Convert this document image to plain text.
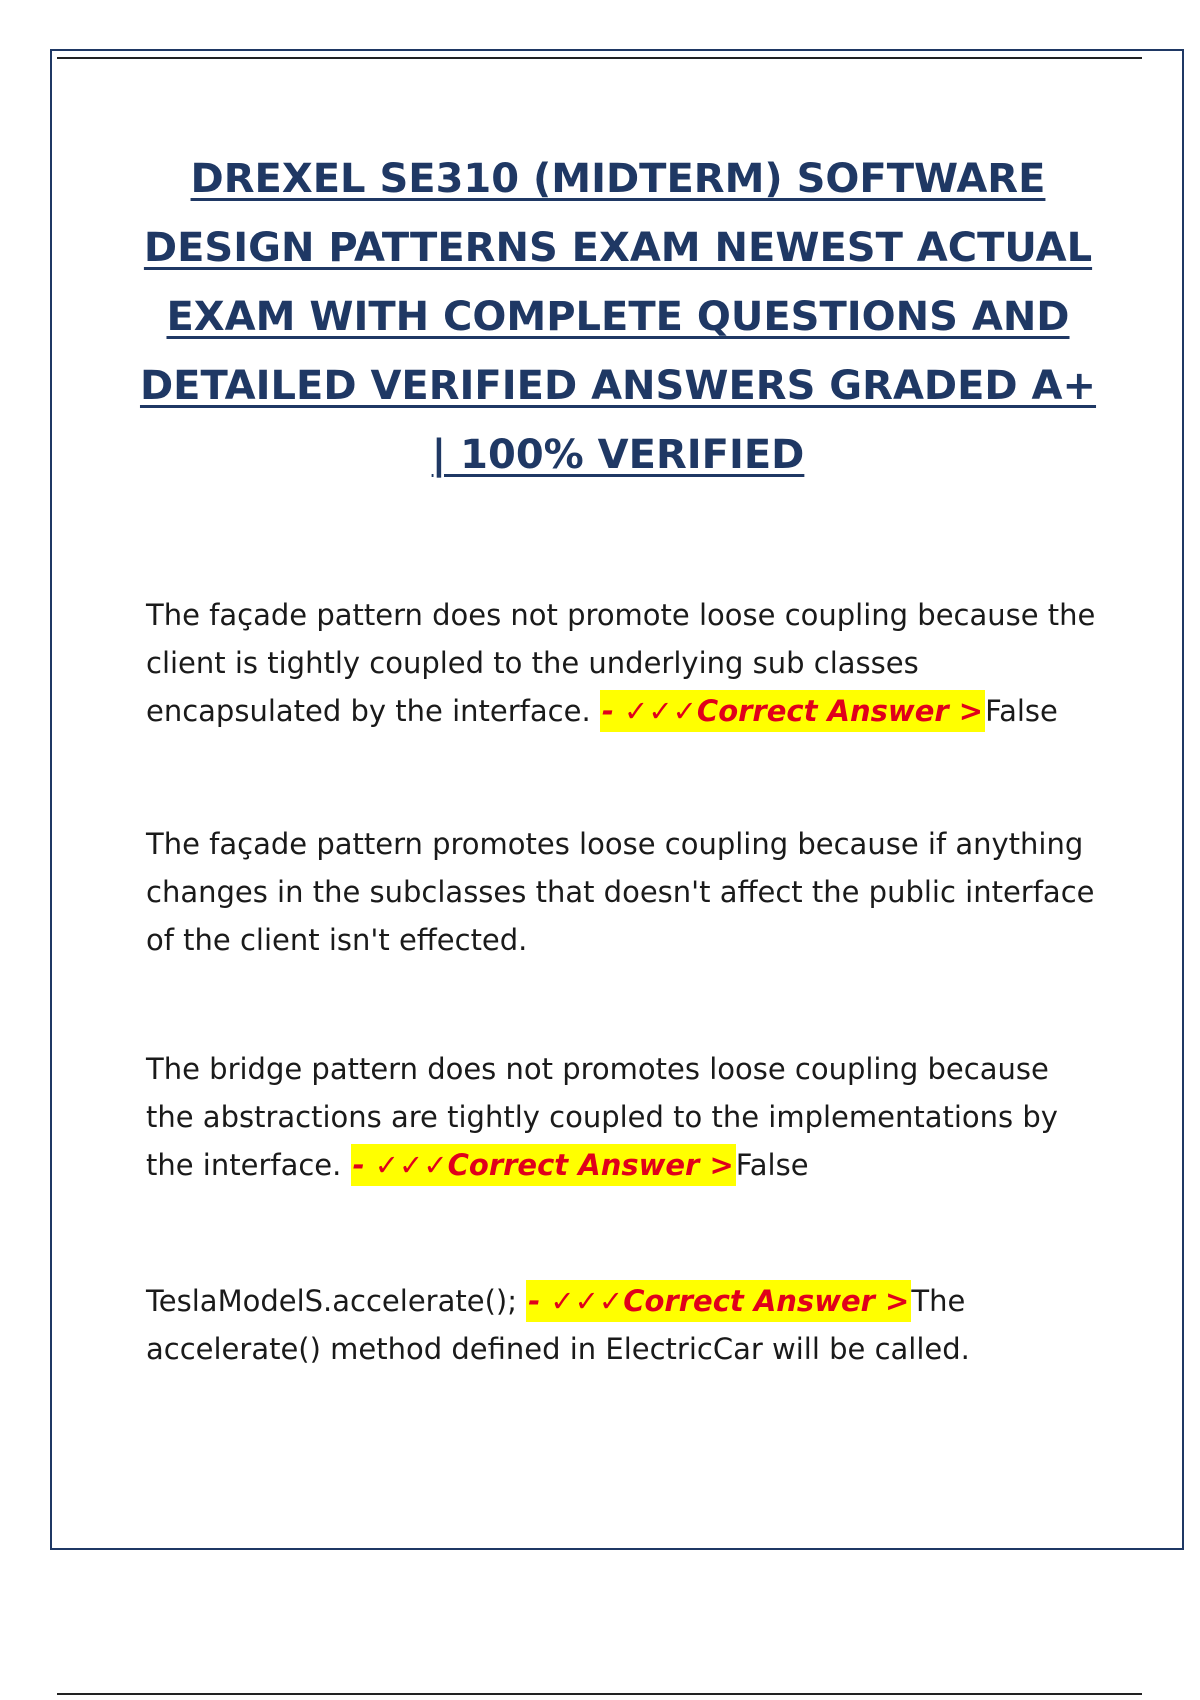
DREXEL SE310 (MIDTERM) SOFTWARE DESIGN PATTERNS EXAM NEWEST ACTUAL EXAM WITH COMPLETE QUESTIONS AND DETAILED VERIFIED ANSWERS GRADED A+ | 100% VERIFIED
The façade pattern does not promote loose coupling because the client is tightly coupled to the underlying sub classes encapsulated by the interface. - ✓✓✓Correct Answer >False
The façade pattern promotes loose coupling because if anything changes in the subclasses that doesn't affect the public interface of the client isn't effected.
The bridge pattern does not promotes loose coupling because the abstractions are tightly coupled to the implementations by the interface. - ✓✓✓Correct Answer >False
TeslaModelS.accelerate(); - ✓✓✓Correct Answer >The accelerate() method defined in ElectricCar will be called.
